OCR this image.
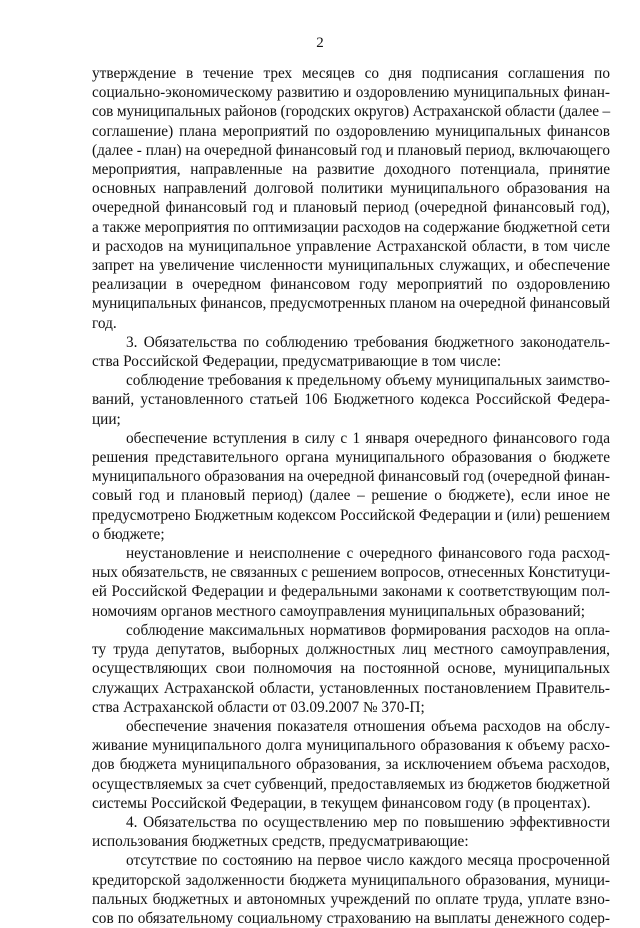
2
утверждение в течение трех месяцев со дня подписания соглашения по
социально-экономическому развитию и оздоровлению муниципальных финан-
сов муниципальных районов (городских округов) Астраханской области (далее –
соглашение) плана мероприятий по оздоровлению муниципальных финансов
(далее - план) на очередной финансовый год и плановый период, включающего
мероприятия, направленные на развитие доходного потенциала, принятие
основных направлений долговой политики муниципального образования на
очередной финансовый год и плановый период (очередной финансовый год),
а также мероприятия по оптимизации расходов на содержание бюджетной сети
и расходов на муниципальное управление Астраханской области, в том числе
запрет на увеличение численности муниципальных служащих, и обеспечение
реализации в очередном финансовом году мероприятий по оздоровлению
муниципальных финансов, предусмотренных планом на очередной финансовый
год.
3. Обязательства по соблюдению требования бюджетного законодатель-
ства Российской Федерации, предусматривающие в том числе:
соблюдение требования к предельному объему муниципальных заимство-
ваний, установленного статьей 106 Бюджетного кодекса Российской Федера-
ции;
обеспечение вступления в силу с 1 января очередного финансового года
решения представительного органа муниципального образования о бюджете
муниципального образования на очередной финансовый год (очередной финан-
совый год и плановый период) (далее – решение о бюджете), если иное не
предусмотрено Бюджетным кодексом Российской Федерации и (или) решением
о бюджете;
неустановление и неисполнение с очередного финансового года расход-
ных обязательств, не связанных с решением вопросов, отнесенных Конституци-
ей Российской Федерации и федеральными законами к соответствующим пол-
номочиям органов местного самоуправления муниципальных образований;
соблюдение максимальных нормативов формирования расходов на опла-
ту труда депутатов, выборных должностных лиц местного самоуправления,
осуществляющих свои полномочия на постоянной основе, муниципальных
служащих Астраханской области, установленных постановлением Правитель-
ства Астраханской области от 03.09.2007 № 370-П;
обеспечение значения показателя отношения объема расходов на обслу-
живание муниципального долга муниципального образования к объему расхо-
дов бюджета муниципального образования, за исключением объема расходов,
осуществляемых за счет субвенций, предоставляемых из бюджетов бюджетной
системы Российской Федерации, в текущем финансовом году (в процентах).
4. Обязательства по осуществлению мер по повышению эффективности
использования бюджетных средств, предусматривающие:
отсутствие по состоянию на первое число каждого месяца просроченной
кредиторской задолженности бюджета муниципального образования, муници-
пальных бюджетных и автономных учреждений по оплате труда, уплате взно-
сов по обязательному социальному страхованию на выплаты денежного содер-
